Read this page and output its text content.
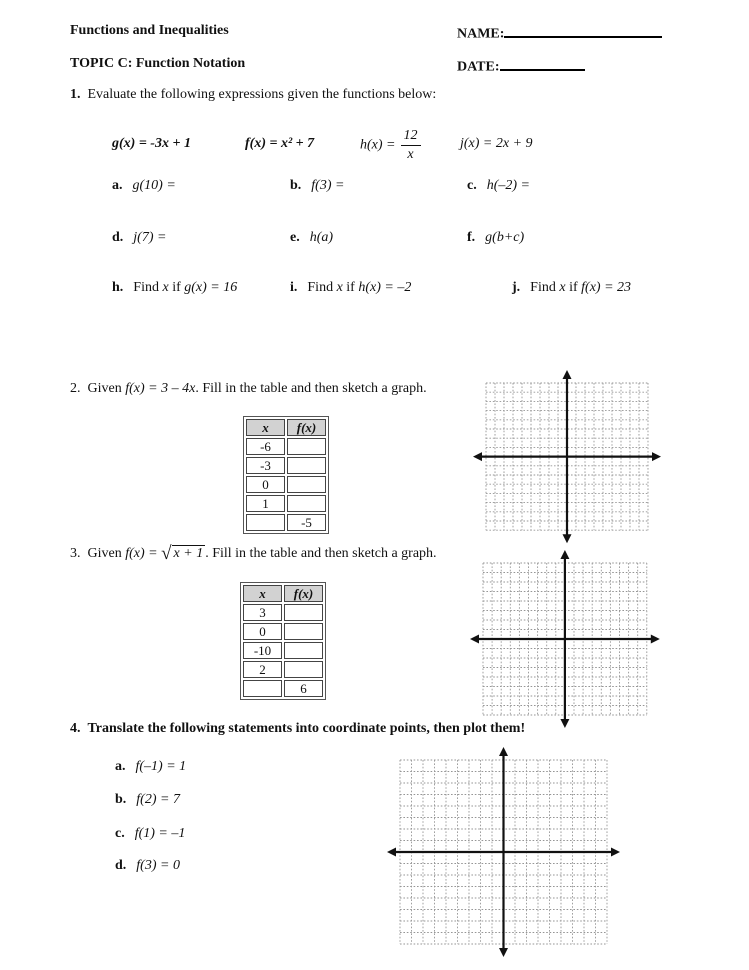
Functions and Inequalities	NAME:
TOPIC C: Function Notation	DATE:
1. Evaluate the following expressions given the functions below:
g(x) = -3x + 1	f(x) = x² + 7	$h(x) = \frac{12}{x}$	j(x) = 2x + 9
a. g(10) =	b. f(3) =	c. h(–2) =
d. j(7) =	e. h(a)	f. g(b+c)
h. Find x if g(x) = 16	i. Find x if h(x) = –2	j. Find x if f(x) = 23
2. Given f(x) = 3 – 4x. Fill in the table and then sketch a graph.
x	f(x)
-6	
-3	
0	
1	
	-5
3. Given f(x) = √ x + 1 . Fill in the table and then sketch a graph.
x	f(x)
3	
0	
-10	
2	
	6
4. Translate the following statements into coordinate points, then plot them!
a. f(–1) = 1
b. f(2) = 7
c. f(1) = –1
d. f(3) = 0
